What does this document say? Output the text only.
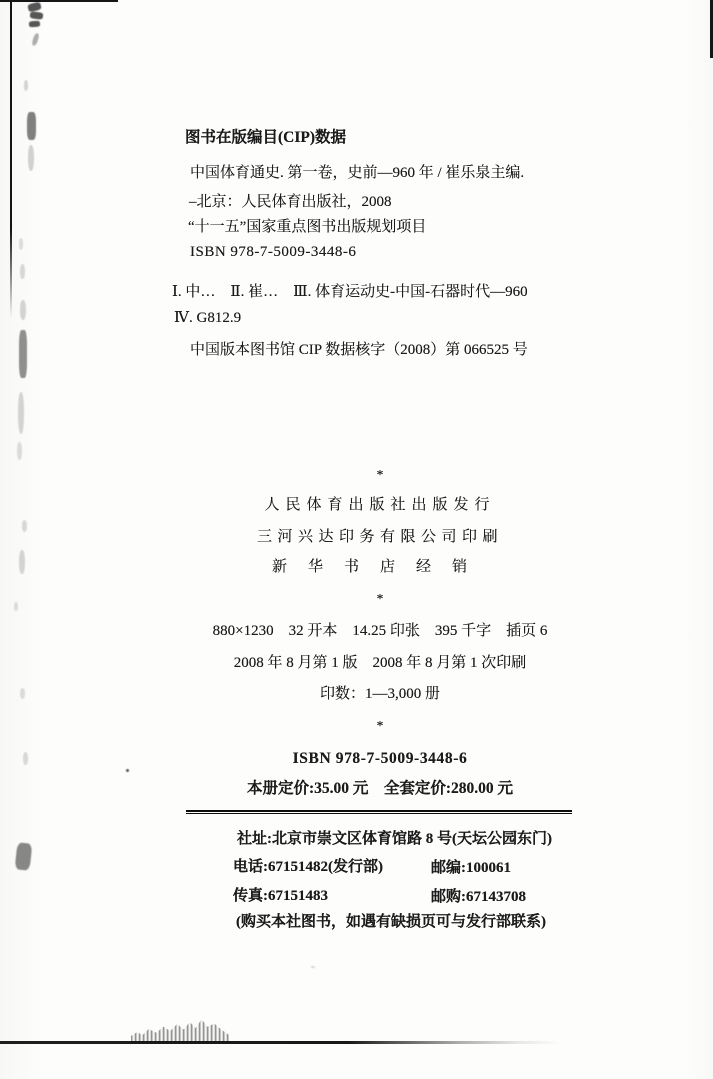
图书在版编目(CIP)数据
中国体育通史. 第一卷，史前—960 年 / 崔乐泉主编.
–北京：人民体育出版社，2008
“十一五”国家重点图书出版规划项目
ISBN 978-7-5009-3448-6
Ⅰ. 中…　Ⅱ. 崔…　Ⅲ. 体育运动史-中国-石器时代—960
Ⅳ. G812.9
中国版本图书馆 CIP 数据核字（2008）第 066525 号
*
人民体育出版社出版发行
三河兴达印务有限公司印刷
新华书店经销
*
880×1230　32 开本　14.25 印张　395 千字　插页 6
2008 年 8 月第 1 版　2008 年 8 月第 1 次印刷
印数：1—3,000 册
*
ISBN 978-7-5009-3448-6
本册定价:35.00 元　全套定价:280.00 元
社址:北京市崇文区体育馆路 8 号(天坛公园东门)
电话:67151482(发行部)	邮编:100061
传真:67151483	邮购:67143708
(购买本社图书，如遇有缺损页可与发行部联系)
